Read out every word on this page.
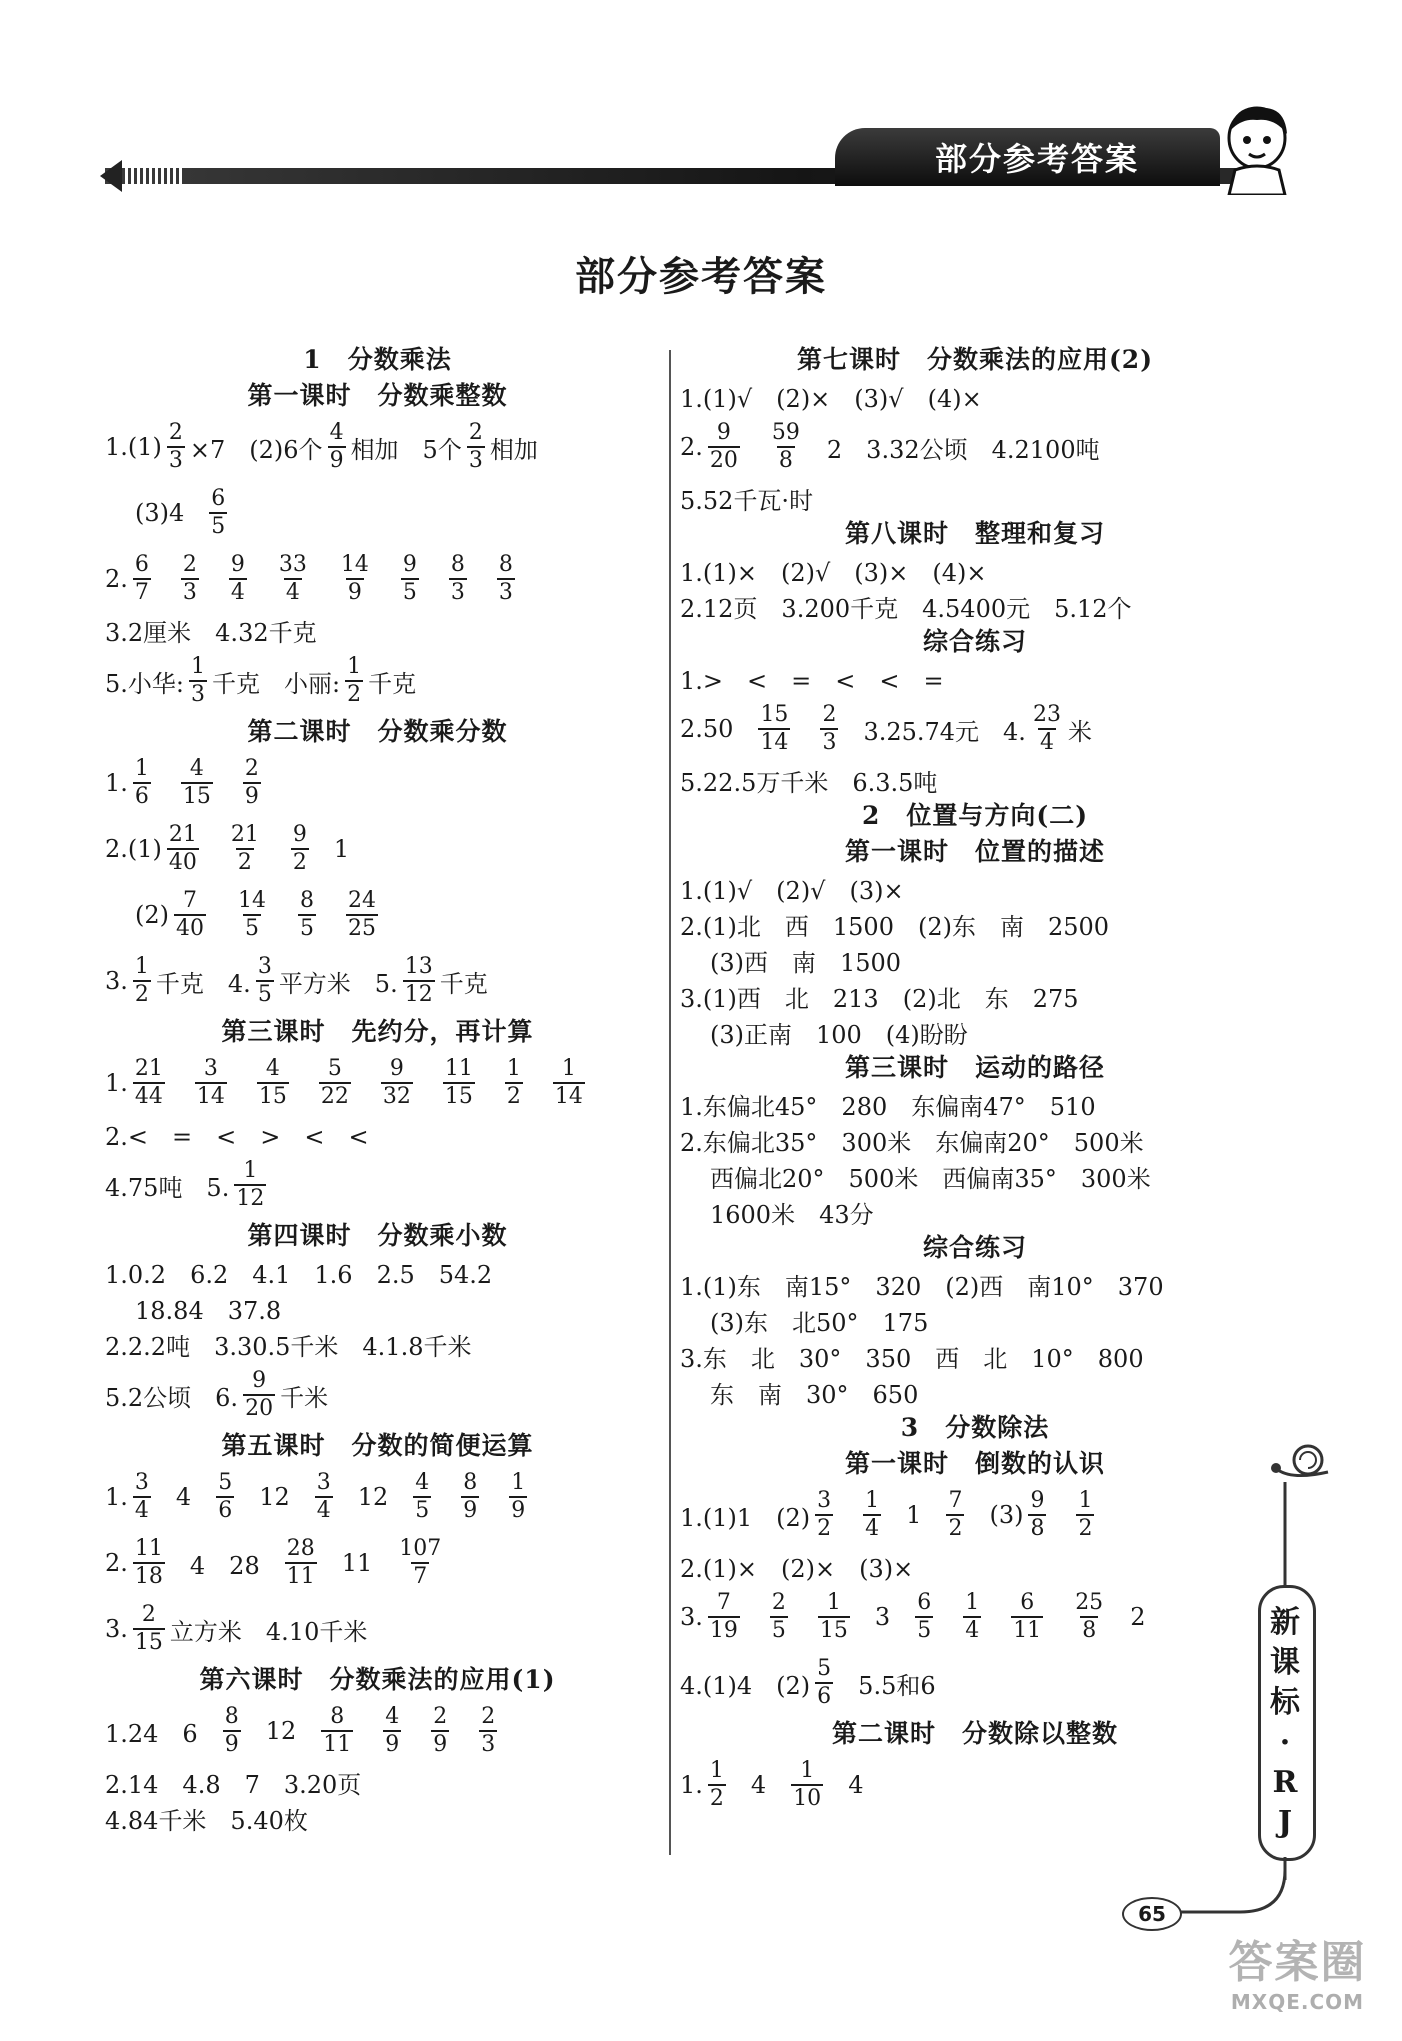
部分参考答案
部分参考答案
1　分数乘法
第一课时　分数乘整数
$1.(1) \frac{2}{3} \times 7$　(2)6个 $\frac{4}{9}$ 相加　5个 $\frac{2}{3}$ 相加
$(3)4 \frac{6}{5}$
2. $\frac{6}{7} \frac{2}{3} \frac{9}{4} \frac{33}{4} \frac{14}{9} \frac{9}{5} \frac{8}{3} \frac{8}{3}$
3.2厘米　4.32千克
5.小华: $\frac{1}{3}$ 千克　小丽: $\frac{1}{2}$ 千克
第二课时　分数乘分数
1. $\frac{1}{6} \frac{4}{15} \frac{2}{9}$
$2.(1) \frac{21}{40} \frac{21}{2} \frac{9}{2} 1$
$(2) \frac{7}{40} \frac{14}{5} \frac{8}{5} \frac{24}{25}$
3. $\frac{1}{2}$ 千克　4. $\frac{3}{5}$ 平方米　5. $\frac{13}{12}$ 千克
第三课时　先约分，再计算
1. $\frac{21}{44} \frac{3}{14} \frac{4}{15} \frac{5}{22} \frac{9}{32} \frac{11}{15} \frac{1}{2} \frac{1}{14}$
2.<　=　<　>　<　<
4.75吨　5. $\frac{1}{12}$
第四课时　分数乘小数
1.0.2　6.2　4.1　1.6　2.5　54.2
18.84　37.8
2.2.2吨　3.30.5千米　4.1.8千米
5.2公顷　6. $\frac{9}{20}$ 千米
第五课时　分数的简便运算
1. $\frac{3}{4} 4 \frac{5}{6} 12 \frac{3}{4} 12 \frac{4}{5} \frac{8}{9} \frac{1}{9}$
2. $\frac{11}{18} 4$　$28 \frac{28}{11} 11 \frac{107}{7}$
3. $\frac{2}{15}$ 立方米　4.10千米
第六课时　分数乘法的应用(1)
1.24　$6 \frac{8}{9} 12 \frac{8}{11} \frac{4}{9} \frac{2}{9} \frac{2}{3}$
2.14　4.8　7　3.20页
4.84千米　5.40枚
第七课时　分数乘法的应用(2)
1.(1)√　(2)×　(3)√　(4)×
2. $\frac{9}{20} \frac{59}{8} 2$　3.32公顷　4.2100吨
5.52千瓦·时
第八课时　整理和复习
1.(1)×　(2)√　(3)×　(4)×
2.12页　3.200千克　4.5400元　5.12个
综合练习
1.>　<　=　<　<　=
$2.50 \frac{15}{14} \frac{2}{3} 3.25.74$元　4. $\frac{23}{4}$ 米
5.22.5万千米　6.3.5吨
2　位置与方向(二)
第一课时　位置的描述
1.(1)√　(2)√　(3)×
2.(1)北　西　1500　(2)东　南　2500
(3)西　南　1500
3.(1)西　北　213　(2)北　东　275
(3)正南　100　(4)盼盼
第三课时　运动的路径
1.东偏北45°　280　东偏南47°　510
2.东偏北35°　300米　东偏南20°　500米
西偏北20°　500米　西偏南35°　300米
1600米　43分
综合练习
1.(1)东　南15°　320　(2)西　南10°　370
(3)东　北50°　175
3.东　北　30°　350　西　北　10°　800
东　南　30°　650
3　分数除法
第一课时　倒数的认识
1.(1)1　$(2) \frac{3}{2} \frac{1}{4} 1 \frac{7}{2} (3) \frac{9}{8} \frac{1}{2}$
2.(1)×　(2)×　(3)×
3. $\frac{7}{19} \frac{2}{5} \frac{1}{15} 3 \frac{6}{5} \frac{1}{4} \frac{6}{11} \frac{25}{8} 2$
4.(1)4　$(2) \frac{5}{6} 5.5$和6
第二课时　分数除以整数
1. $\frac{1}{2} 4 \frac{1}{10} 4$
新
课
标
·
R
J
65
答案圈
MXQE.COM
